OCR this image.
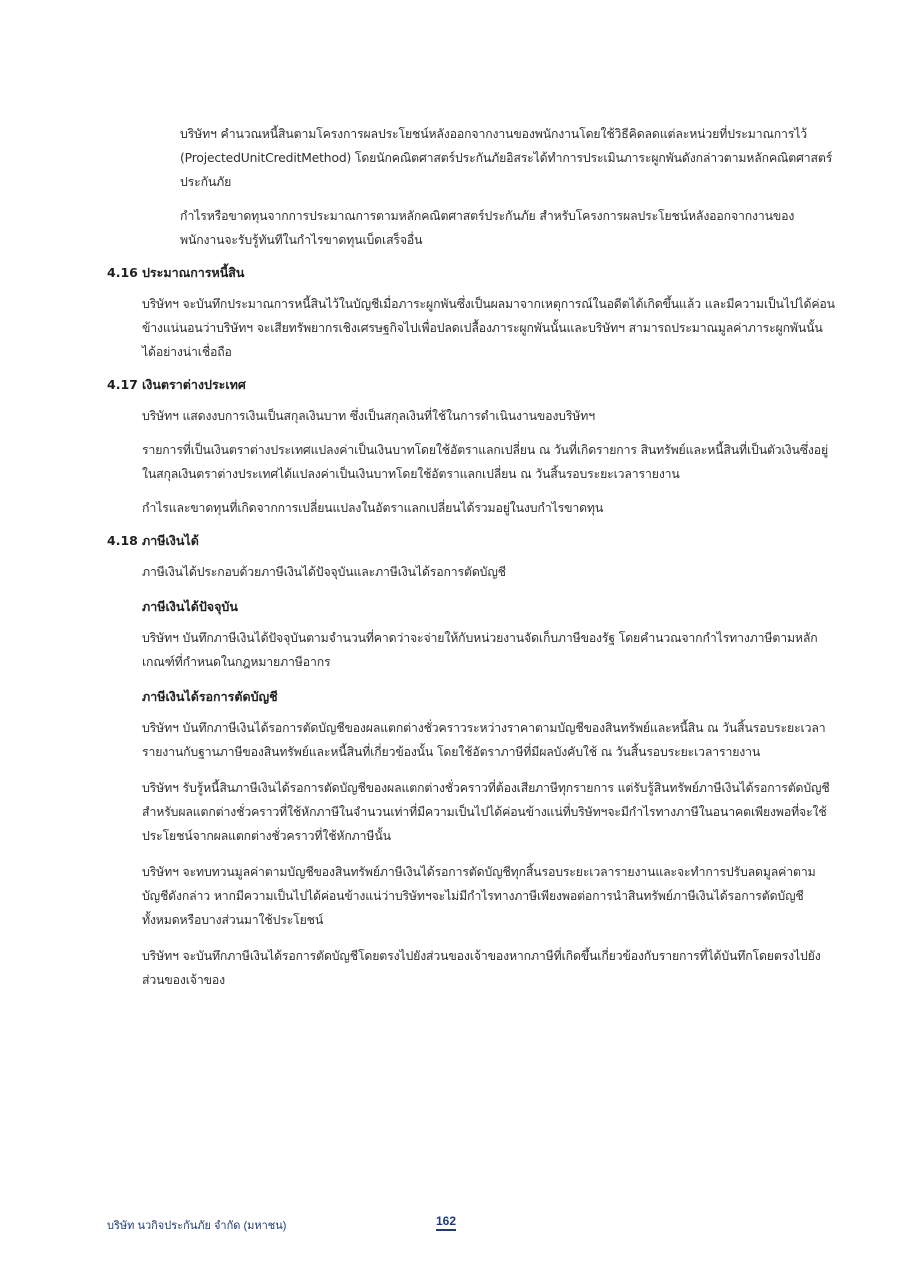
บริษัทฯ คำนวณหนี้สินตามโครงการผลประโยชน์หลังออกจากงานของพนักงานโดยใช้วิธีคิดลดแต่ละหน่วยที่ประมาณการไว้ (ProjectedUnitCreditMethod) โดยนักคณิตศาสตร์ประกันภัยอิสระได้ทำการประเมินภาระผูกพันดังกล่าวตามหลักคณิตศาสตร์ประกันภัย

กำไรหรือขาดทุนจากการประมาณการตามหลักคณิตศาสตร์ประกันภัย สำหรับโครงการผลประโยชน์หลังออกจากงานของพนักงานจะรับรู้ทันทีในกำไรขาดทุนเบ็ดเสร็จอื่น

4.16 ประมาณการหนี้สิน

บริษัทฯ จะบันทึกประมาณการหนี้สินไว้ในบัญชีเมื่อภาระผูกพันซึ่งเป็นผลมาจากเหตุการณ์ในอดีตได้เกิดขึ้นแล้ว และมีความเป็นไปได้ค่อนข้างแน่นอนว่าบริษัทฯ จะเสียทรัพยากรเชิงเศรษฐกิจไปเพื่อปลดเปลื้องภาระผูกพันนั้นและบริษัทฯ สามารถประมาณมูลค่าภาระผูกพันนั้นได้อย่างน่าเชื่อถือ

4.17 เงินตราต่างประเทศ

บริษัทฯ แสดงงบการเงินเป็นสกุลเงินบาท ซึ่งเป็นสกุลเงินที่ใช้ในการดำเนินงานของบริษัทฯ

รายการที่เป็นเงินตราต่างประเทศแปลงค่าเป็นเงินบาทโดยใช้อัตราแลกเปลี่ยน ณ วันที่เกิดรายการ สินทรัพย์และหนี้สินที่เป็นตัวเงินซึ่งอยู่ในสกุลเงินตราต่างประเทศได้แปลงค่าเป็นเงินบาทโดยใช้อัตราแลกเปลี่ยน ณ วันสิ้นรอบระยะเวลารายงาน

กำไรและขาดทุนที่เกิดจากการเปลี่ยนแปลงในอัตราแลกเปลี่ยนได้รวมอยู่ในงบกำไรขาดทุน

4.18 ภาษีเงินได้

ภาษีเงินได้ประกอบด้วยภาษีเงินได้ปัจจุบันและภาษีเงินได้รอการตัดบัญชี

ภาษีเงินได้ปัจจุบัน

บริษัทฯ บันทึกภาษีเงินได้ปัจจุบันตามจำนวนที่คาดว่าจะจ่ายให้กับหน่วยงานจัดเก็บภาษีของรัฐ โดยคำนวณจากกำไรทางภาษีตามหลักเกณฑ์ที่กำหนดในกฎหมายภาษีอากร

ภาษีเงินได้รอการตัดบัญชี

บริษัทฯ บันทึกภาษีเงินได้รอการตัดบัญชีของผลแตกต่างชั่วคราวระหว่างราคาตามบัญชีของสินทรัพย์และหนี้สิน ณ วันสิ้นรอบระยะเวลารายงานกับฐานภาษีของสินทรัพย์และหนี้สินที่เกี่ยวข้องนั้น โดยใช้อัตราภาษีที่มีผลบังคับใช้ ณ วันสิ้นรอบระยะเวลารายงาน

บริษัทฯ รับรู้หนี้สินภาษีเงินได้รอการตัดบัญชีของผลแตกต่างชั่วคราวที่ต้องเสียภาษีทุกรายการ แต่รับรู้สินทรัพย์ภาษีเงินได้รอการตัดบัญชีสำหรับผลแตกต่างชั่วคราวที่ใช้หักภาษีในจำนวนเท่าที่มีความเป็นไปได้ค่อนข้างแน่ที่บริษัทฯจะมีกำไรทางภาษีในอนาคตเพียงพอที่จะใช้ประโยชน์จากผลแตกต่างชั่วคราวที่ใช้หักภาษีนั้น

บริษัทฯ จะทบทวนมูลค่าตามบัญชีของสินทรัพย์ภาษีเงินได้รอการตัดบัญชีทุกสิ้นรอบระยะเวลารายงานและจะทำการปรับลดมูลค่าตามบัญชีดังกล่าว หากมีความเป็นไปได้ค่อนข้างแน่ว่าบริษัทฯจะไม่มีกำไรทางภาษีเพียงพอต่อการนำสินทรัพย์ภาษีเงินได้รอการตัดบัญชีทั้งหมดหรือบางส่วนมาใช้ประโยชน์

บริษัทฯ จะบันทึกภาษีเงินได้รอการตัดบัญชีโดยตรงไปยังส่วนของเจ้าของหากภาษีที่เกิดขึ้นเกี่ยวข้องกับรายการที่ได้บันทึกโดยตรงไปยังส่วนของเจ้าของ

บริษัท นวกิจประกันภัย จำกัด (มหาชน)	162
